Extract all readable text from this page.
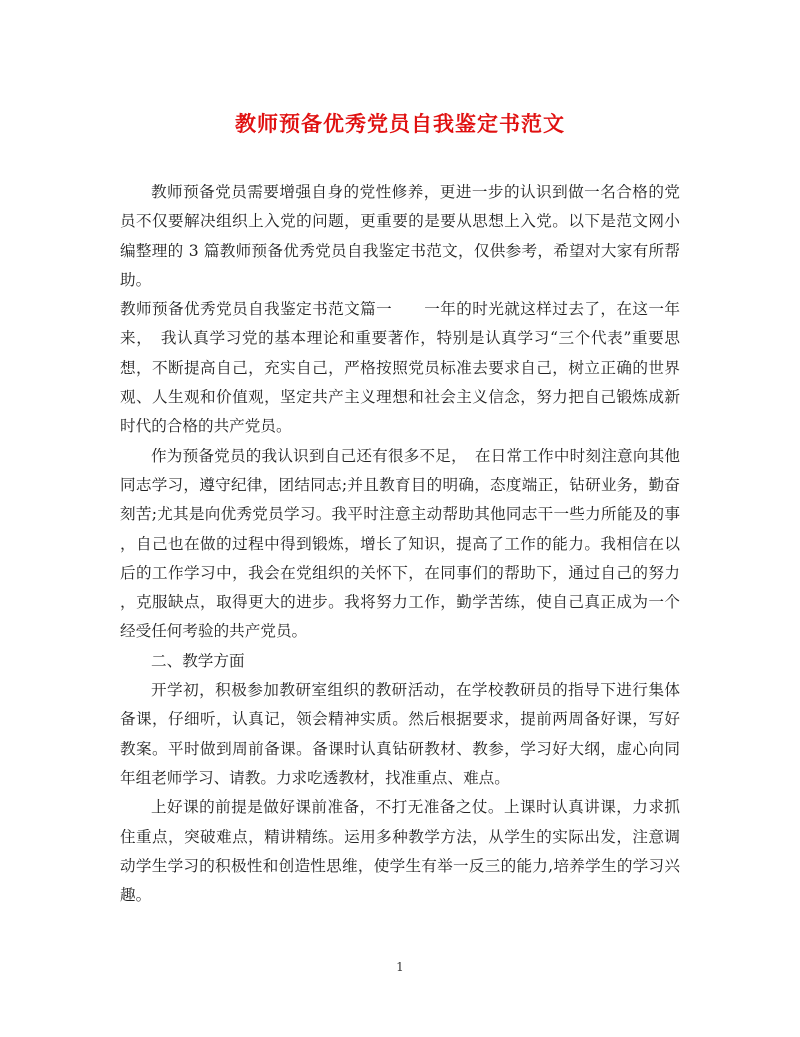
教师预备优秀党员自我鉴定书范文
教师预备党员需要增强自身的党性修养，更进一步的认识到做一名合格的党
员不仅要解决组织上入党的问题，更重要的是要从思想上入党。以下是范文网小
编整理的 3 篇教师预备优秀党员自我鉴定书范文，仅供参考，希望对大家有所帮
助。
教师预备优秀党员自我鉴定书范文篇一　　一年的时光就这样过去了，在这一年
来，　我认真学习党的基本理论和重要著作，特别是认真学习“三个代表”重要思
想，不断提高自己，充实自己，严格按照党员标准去要求自己，树立正确的世界
观、人生观和价值观，坚定共产主义理想和社会主义信念，努力把自己锻炼成新
时代的合格的共产党员。
作为预备党员的我认识到自己还有很多不足，　在日常工作中时刻注意向其他
同志学习，遵守纪律，团结同志;并且教育目的明确，态度端正，钻研业务，勤奋
刻苦;尤其是向优秀党员学习。我平时注意主动帮助其他同志干一些力所能及的事
，自己也在做的过程中得到锻炼，增长了知识，提高了工作的能力。我相信在以
后的工作学习中，我会在党组织的关怀下，在同事们的帮助下，通过自己的努力
，克服缺点，取得更大的进步。我将努力工作，勤学苦练，使自己真正成为一个
经受任何考验的共产党员。
二、教学方面
开学初，积极参加教研室组织的教研活动，在学校教研员的指导下进行集体
备课，仔细听，认真记，领会精神实质。然后根据要求，提前两周备好课，写好
教案。平时做到周前备课。备课时认真钻研教材、教参，学习好大纲，虚心向同
年组老师学习、请教。力求吃透教材，找准重点、难点。
上好课的前提是做好课前准备，不打无准备之仗。上课时认真讲课，力求抓
住重点，突破难点，精讲精练。运用多种教学方法，从学生的实际出发，注意调
动学生学习的积极性和创造性思维，使学生有举一反三的能力,培养学生的学习兴
趣。
1
